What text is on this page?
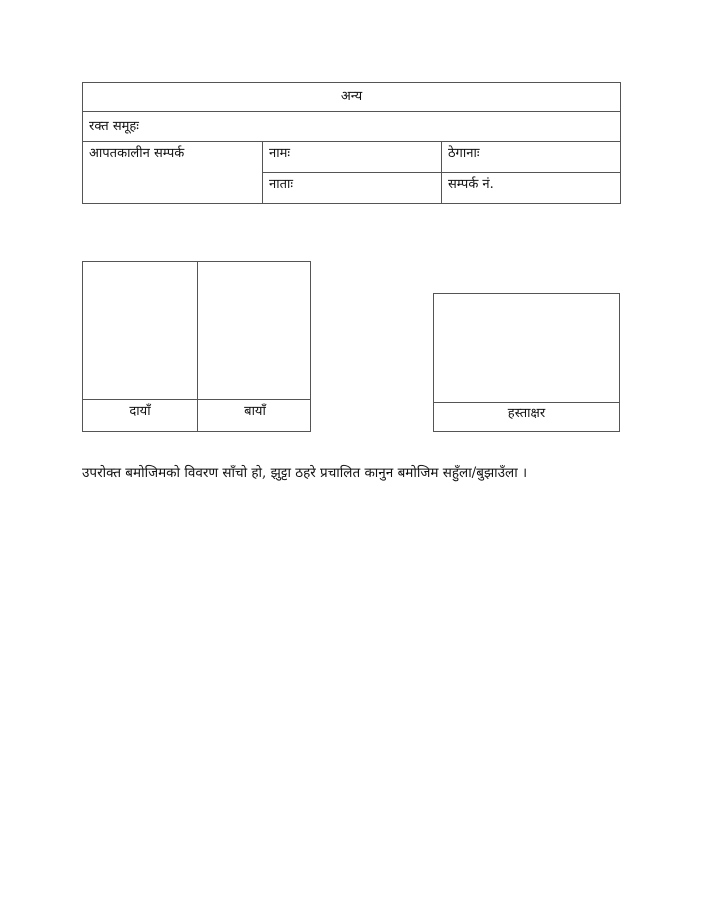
अन्य		
रक्त समूहः		
आपतकालीन सम्पर्क	नामः	ठेगानाः
	नाताः	सम्पर्क नं.
दायाँ	बायाँ	हस्ताक्षर
उपरोक्त बमोजिमको विवरण साँचो हो, झुट्टा ठहरे प्रचालित कानुन बमोजिम सहुँला/बुझाउँला ।
